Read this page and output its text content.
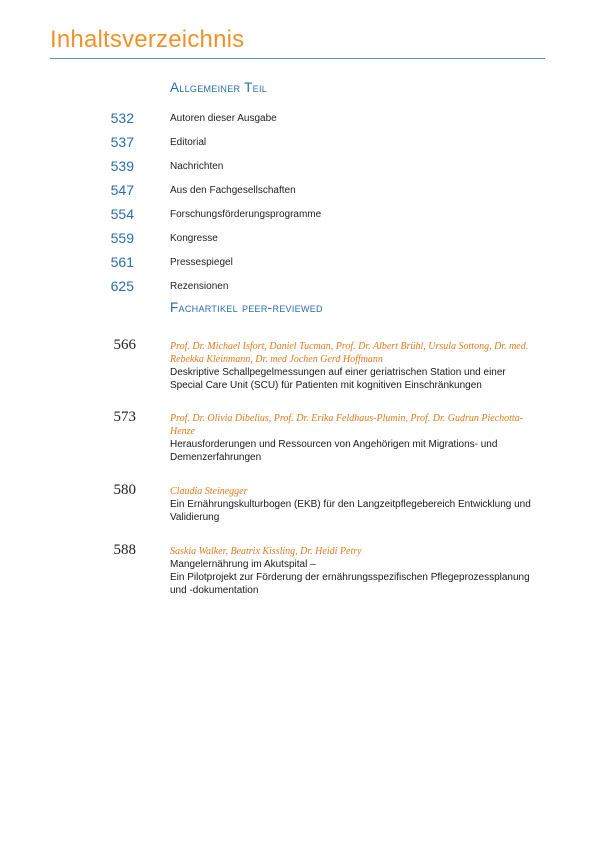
Inhaltsverzeichnis
Allgemeiner Teil
532	Autoren dieser Ausgabe
537	Editorial
539	Nachrichten
547	Aus den Fachgesellschaften
554	Forschungsförderungsprogramme
559	Kongresse
561	Pressespiegel
625	Rezensionen
Fachartikel peer-reviewed
566	Prof. Dr. Michael Isfort, Daniel Tucman, Prof. Dr. Albert Brühl, Ursula Sottong, Dr. med. Rebekka Kleinmann, Dr. med Jochen Gerd Hoffmann
Deskriptive Schallpegelmessungen auf einer geriatrischen Station und einer Special Care Unit (SCU) für Patienten mit kognitiven Einschränkungen
573	Prof. Dr. Olivia Dibelius, Prof. Dr. Erika Feldhaus-Plumin, Prof. Dr. Gudrun Piechotta-Henze
Herausforderungen und Ressourcen von Angehörigen mit Migrations- und Demenzerfahrungen
580	Claudia Steinegger
Ein Ernährungskulturbogen (EKB) für den Langzeitpflegebereich Entwicklung und Validierung
588	Saskia Walker, Beatrix Kissling, Dr. Heidi Petry
Mangelernährung im Akutspital –
Ein Pilotprojekt zur Förderung der ernährungsspezifischen Pflegeprozessplanung und -dokumentation
